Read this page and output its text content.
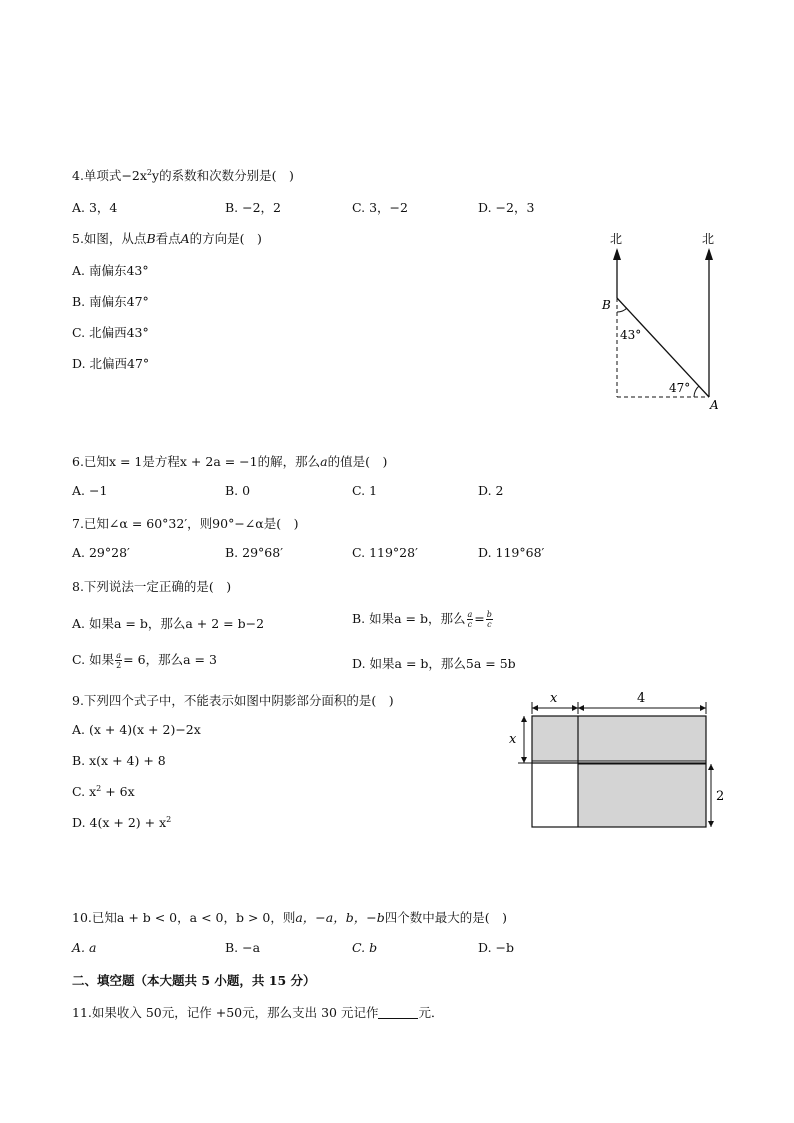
4.单项式$-2x^2y$的系数和次数分别是(　)
A. 3，4	B. −2，2	C. 3，−2	D. −2，3
5.如图，从点B看点A的方向是(　)
A. 南偏东43°
B. 南偏东47°
C. 北偏西43°
D. 北偏西47°
北	北
B
A
43°
47°
6.已知x = 1是方程x + 2a = −1的解，那么a的值是(　)
A. −1	B. 0	C. 1	D. 2
7.已知∠α = 60°32′，则90°−∠α是(　)
A. 29°28′	B. 29°68′	C. 119°28′	D. 119°68′
8.下列说法一定正确的是(　)
A. 如果a = b，那么a + 2 = b−2	B. 如果a = b，那么 $\frac{a}{c} = \frac{b}{c}$
C. 如果 $\frac{a}{2} = 6$，那么a = 3	D. 如果a = b，那么5a = 5b
9.下列四个式子中，不能表示如图中阴影部分面积的是(　)
A. (x + 4)(x + 2)−2x
B. x(x + 4) + 8
C. $x^2 + 6x$
D. $4(x + 2) + x^2$
x	4
x
2
10.已知a + b < 0，a < 0，b > 0，则a，−a，b，−b四个数中最大的是(　)
A. a	B. −a	C. b	D. −b
二、填空题（本大题共 5 小题，共 15 分）
11.如果收入 50元，记作 +50元，那么支出 30 元记作	元．
